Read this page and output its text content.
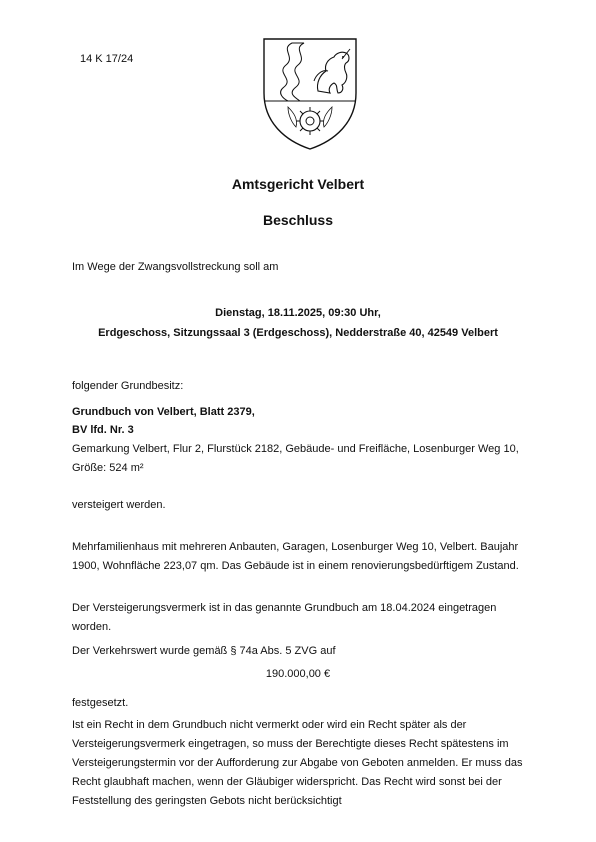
14 K 17/24

Amtsgericht Velbert

Beschluss

Im Wege der Zwangsvollstreckung soll am

Dienstag, 18.11.2025, 09:30 Uhr,

Erdgeschoss, Sitzungssaal 3 (Erdgeschoss), Nedderstraße 40, 42549 Velbert

folgender Grundbesitz:

Grundbuch von Velbert, Blatt 2379,

BV lfd. Nr. 3

Gemarkung Velbert, Flur 2, Flurstück 2182, Gebäude- und Freifläche, Losenburger Weg 10, Größe: 524 m²

versteigert werden.

Mehrfamilienhaus mit mehreren Anbauten, Garagen, Losenburger Weg 10, Velbert. Baujahr 1900, Wohnfläche 223,07 qm. Das Gebäude ist in einem renovierungsbedürftigem Zustand.

Der Versteigerungsvermerk ist in das genannte Grundbuch am 18.04.2024 eingetragen worden.

Der Verkehrswert wurde gemäß § 74a Abs. 5 ZVG auf

190.000,00 €

festgesetzt.

Ist ein Recht in dem Grundbuch nicht vermerkt oder wird ein Recht später als der Versteigerungsvermerk eingetragen, so muss der Berechtigte dieses Recht spätestens im Versteigerungstermin vor der Aufforderung zur Abgabe von Geboten anmelden. Er muss das Recht glaubhaft machen, wenn der Gläubiger widerspricht. Das Recht wird sonst bei der Feststellung des geringsten Gebots nicht berücksichtigt
